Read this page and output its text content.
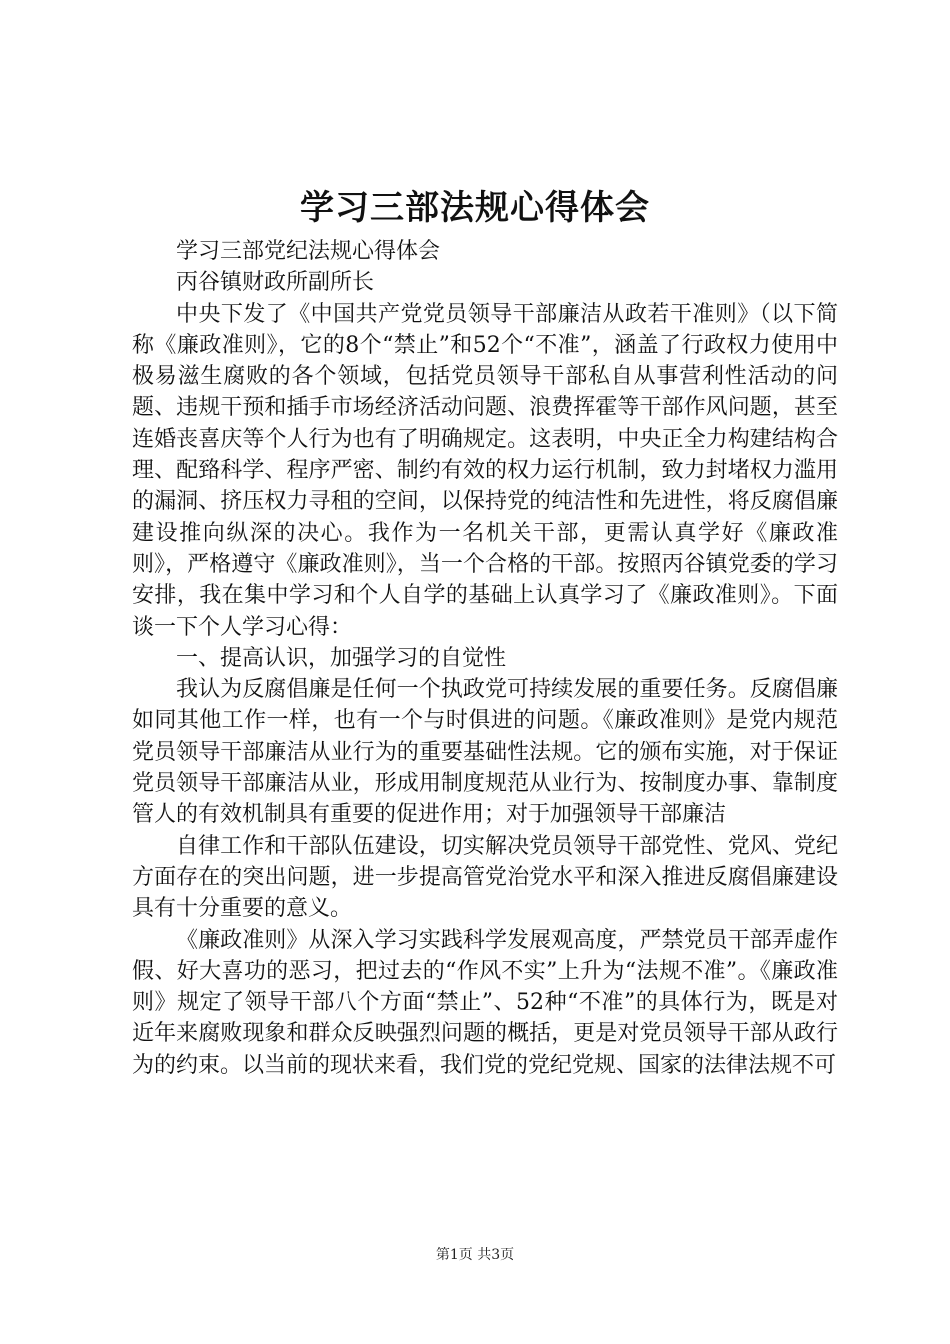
学习三部法规心得体会

学习三部党纪法规心得体会

丙谷镇财政所副所长

中央下发了《中国共产党党员领导干部廉洁从政若干准则》（以下简称《廉政准则》，它的8个“禁止”和52个“不准”，涵盖了行政权力使用中极易滋生腐败的各个领域，包括党员领导干部私自从事营利性活动的问题、违规干预和插手市场经济活动问题、浪费挥霍等干部作风问题，甚至连婚丧喜庆等个人行为也有了明确规定。这表明，中央正全力构建结构合理、配臵科学、程序严密、制约有效的权力运行机制，致力封堵权力滥用的漏洞、挤压权力寻租的空间，以保持党的纯洁性和先进性，将反腐倡廉建设推向纵深的决心。我作为一名机关干部，更需认真学好《廉政准则》，严格遵守《廉政准则》，当一个合格的干部。按照丙谷镇党委的学习安排，我在集中学习和个人自学的基础上认真学习了《廉政准则》。下面谈一下个人学习心得：

一、提高认识，加强学习的自觉性

我认为反腐倡廉是任何一个执政党可持续发展的重要任务。反腐倡廉如同其他工作一样，也有一个与时俱进的问题。《廉政准则》是党内规范党员领导干部廉洁从业行为的重要基础性法规。它的颁布实施，对于保证党员领导干部廉洁从业，形成用制度规范从业行为、按制度办事、靠制度管人的有效机制具有重要的促进作用；对于加强领导干部廉洁

自律工作和干部队伍建设，切实解决党员领导干部党性、党风、党纪方面存在的突出问题，进一步提高管党治党水平和深入推进反腐倡廉建设具有十分重要的意义。

《廉政准则》从深入学习实践科学发展观高度，严禁党员干部弄虚作假、好大喜功的恶习，把过去的“作风不实”上升为“法规不准”。《廉政准则》规定了领导干部八个方面“禁止”、52种“不准”的具体行为，既是对近年来腐败现象和群众反映强烈问题的概括，更是对党员领导干部从政行为的约束。以当前的现状来看，我们党的党纪党规、国家的法律法规不可

第1页 共3页
